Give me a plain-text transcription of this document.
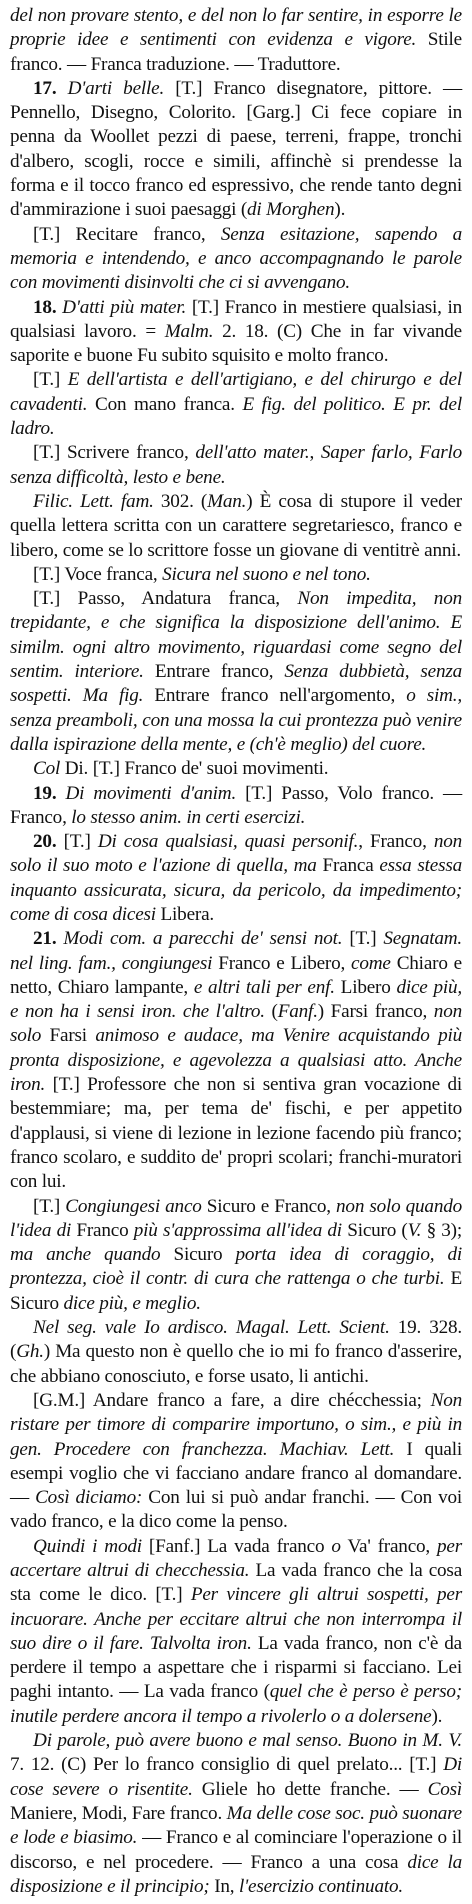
del non provare stento, e del non lo far sentire, in esporre le proprie idee e sentimenti con evidenza e vigore. Stile franco. — Franca traduzione. — Traduttore.

17. D'arti belle. [T.] Franco disegnatore, pittore. — Pennello, Disegno, Colorito. [Garg.] Ci fece copiare in penna da Woollet pezzi di paese, terreni, frappe, tronchi d'albero, scogli, rocce e simili, affinchè si prendesse la forma e il tocco franco ed espressivo, che rende tanto degni d'ammirazione i suoi paesaggi (di Morghen).

[T.] Recitare franco, Senza esitazione, sapendo a memoria e intendendo, e anco accompagnando le parole con movimenti disinvolti che ci si avvengano.

18. D'atti più mater. [T.] Franco in mestiere qualsiasi, in qualsiasi lavoro. = Malm. 2. 18. (C) Che in far vivande saporite e buone Fu subito squisito e molto franco.

[T.] E dell'artista e dell'artigiano, e del chirurgo e del cavadenti. Con mano franca. E fig. del politico. E pr. del ladro.

[T.] Scrivere franco, dell'atto mater., Saper farlo, Farlo senza difficoltà, lesto e bene.

Filic. Lett. fam. 302. (Man.) È cosa di stupore il veder quella lettera scritta con un carattere segretariesco, franco e libero, come se lo scrittore fosse un giovane di ventitrè anni.

[T.] Voce franca, Sicura nel suono e nel tono.

[T.] Passo, Andatura franca, Non impedita, non trepidante, e che significa la disposizione dell'animo. E similm. ogni altro movimento, riguardasi come segno del sentim. interiore. Entrare franco, Senza dubbietà, senza sospetti. Ma fig. Entrare franco nell'argomento, o sim., senza preamboli, con una mossa la cui prontezza può venire dalla ispirazione della mente, e (ch'è meglio) del cuore.

Col Di. [T.] Franco de' suoi movimenti.

19. Di movimenti d'anim. [T.] Passo, Volo franco. — Franco, lo stesso anim. in certi esercizi.

20. [T.] Di cosa qualsiasi, quasi personif., Franco, non solo il suo moto e l'azione di quella, ma Franca essa stessa inquanto assicurata, sicura, da pericolo, da impedimento; come di cosa dicesi Libera.

21. Modi com. a parecchi de' sensi not. [T.] Segnatam. nel ling. fam., congiungesi Franco e Libero, come Chiaro e netto, Chiaro lampante, e altri tali per enf. Libero dice più, e non ha i sensi iron. che l'altro. (Fanf.) Farsi franco, non solo Farsi animoso e audace, ma Venire acquistando più pronta disposizione, e agevolezza a qualsiasi atto. Anche iron. [T.] Professore che non si sentiva gran vocazione di bestemmiare; ma, per tema de' fischi, e per appetito d'applausi, si viene di lezione in lezione facendo più franco; franco scolaro, e suddito de' propri scolari; franchi-muratori con lui.

[T.] Congiungesi anco Sicuro e Franco, non solo quando l'idea di Franco più s'approssima all'idea di Sicuro (V. § 3); ma anche quando Sicuro porta idea di coraggio, di prontezza, cioè il contr. di cura che rattenga o che turbi. E Sicuro dice più, e meglio.

Nel seg. vale Io ardisco. Magal. Lett. Scient. 19. 328. (Gh.) Ma questo non è quello che io mi fo franco d'asserire, che abbiano conosciuto, e forse usato, li antichi.

[G.M.] Andare franco a fare, a dire chécchessia; Non ristare per timore di comparire importuno, o sim., e più in gen. Procedere con franchezza. Machiav. Lett. I quali esempi voglio che vi facciano andare franco al domandare. — Così diciamo: Con lui si può andar franchi. — Con voi vado franco, e la dico come la penso.

Quindi i modi [Fanf.] La vada franco o Va' franco, per accertare altrui di checchessia. La vada franco che la cosa sta come le dico. [T.] Per vincere gli altrui sospetti, per incuorare. Anche per eccitare altrui che non interrompa il suo dire o il fare. Talvolta iron. La vada franco, non c'è da perdere il tempo a aspettare che i risparmi si facciano. Lei paghi intanto. — La vada franco (quel che è perso è perso; inutile perdere ancora il tempo a rivolerlo o a dolersene).

Di parole, può avere buono e mal senso. Buono in M. V. 7. 12. (C) Per lo franco consiglio di quel prelato... [T.] Di cose severe o risentite. Gliele ho dette franche. — Così Maniere, Modi, Fare franco. Ma delle cose soc. può suonare e lode e biasimo. — Franco e al cominciare l'operazione o il discorso, e nel procedere. — Franco a una cosa dice la disposizione e il principio; In, l'esercizio continuato.
